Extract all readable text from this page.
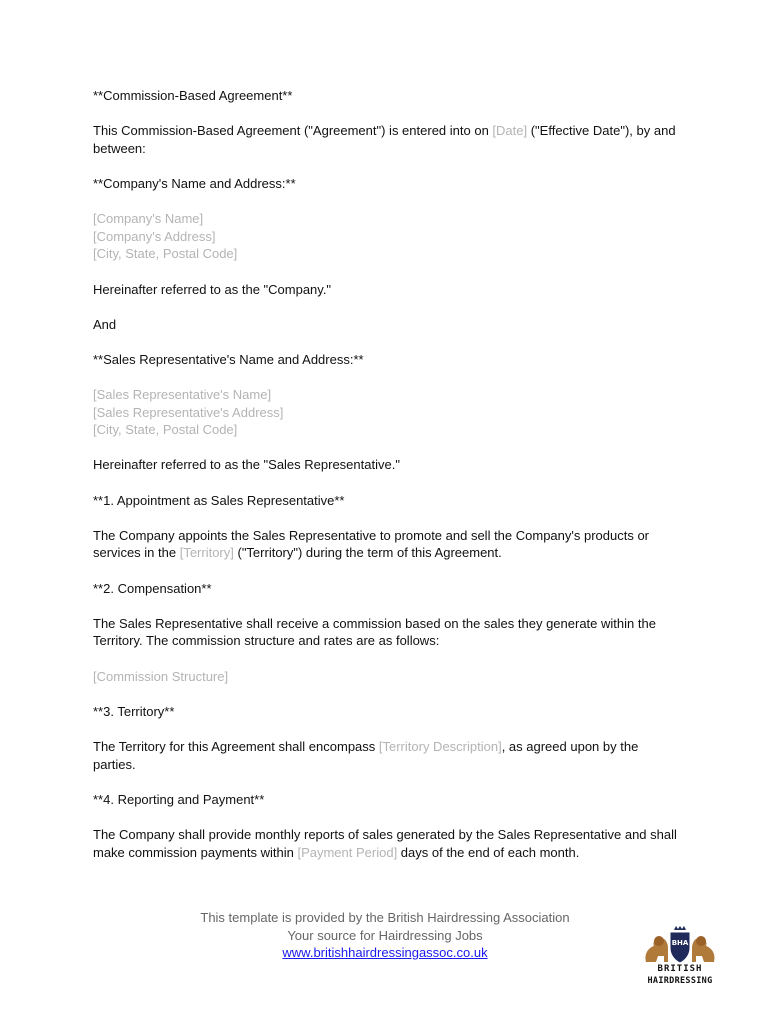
**Commission-Based Agreement**

This Commission-Based Agreement ("Agreement") is entered into on [Date] ("Effective Date"), by and between:

**Company's Name and Address:**

[Company's Name]
[Company's Address]
[City, State, Postal Code]

Hereinafter referred to as the "Company."

And

**Sales Representative's Name and Address:**

[Sales Representative's Name]
[Sales Representative's Address]
[City, State, Postal Code]

Hereinafter referred to as the "Sales Representative."

**1. Appointment as Sales Representative**

The Company appoints the Sales Representative to promote and sell the Company's products or services in the [Territory] ("Territory") during the term of this Agreement.

**2. Compensation**

The Sales Representative shall receive a commission based on the sales they generate within the Territory. The commission structure and rates are as follows:

[Commission Structure]

**3. Territory**

The Territory for this Agreement shall encompass [Territory Description], as agreed upon by the parties.

**4. Reporting and Payment**

The Company shall provide monthly reports of sales generated by the Sales Representative and shall make commission payments within [Payment Period] days of the end of each month.

This template is provided by the British Hairdressing Association
Your source for Hairdressing Jobs
www.britishhairdressingassoc.co.uk
BHA
BRITISH
HAIRDRESSING
